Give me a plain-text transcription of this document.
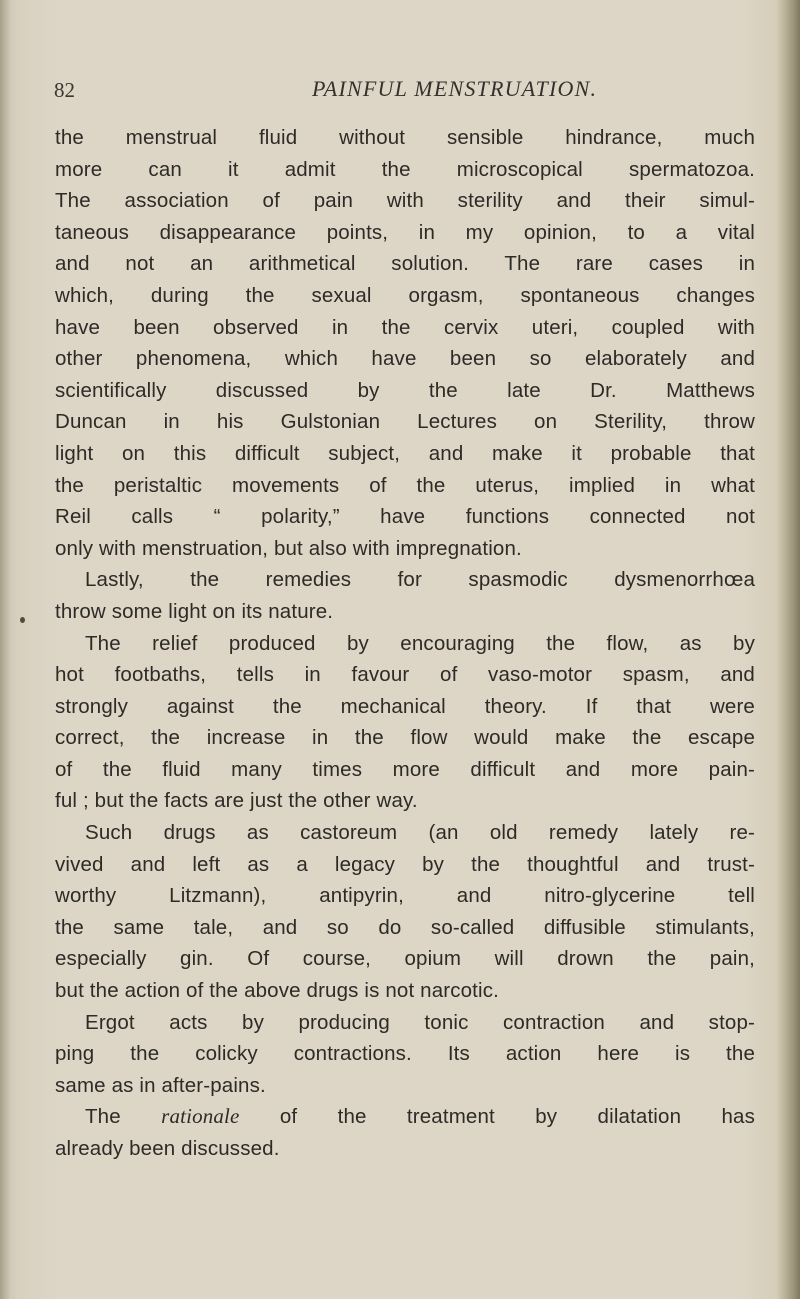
82	PAINFUL MENSTRUATION.
the menstrual fluid without sensible hindrance, much
more can it admit the microscopical spermatozoa.
The association of pain with sterility and their simul-
taneous disappearance points, in my opinion, to a vital
and not an arithmetical solution. The rare cases in
which, during the sexual orgasm, spontaneous changes
have been observed in the cervix uteri, coupled with
other phenomena, which have been so elaborately and
scientifically discussed by the late Dr. Matthews
Duncan in his Gulstonian Lectures on Sterility, throw
light on this difficult subject, and make it probable that
the peristaltic movements of the uterus, implied in what
Reil calls “ polarity,” have functions connected not
only with menstruation, but also with impregnation.
Lastly, the remedies for spasmodic dysmenorrhœa
throw some light on its nature.
The relief produced by encouraging the flow, as by
hot footbaths, tells in favour of vaso-motor spasm, and
strongly against the mechanical theory. If that were
correct, the increase in the flow would make the escape
of the fluid many times more difficult and more pain-
ful ; but the facts are just the other way.
Such drugs as castoreum (an old remedy lately re-
vived and left as a legacy by the thoughtful and trust-
worthy Litzmann), antipyrin, and nitro-glycerine tell
the same tale, and so do so-called diffusible stimulants,
especially gin. Of course, opium will drown the pain,
but the action of the above drugs is not narcotic.
Ergot acts by producing tonic contraction and stop-
ping the colicky contractions. Its action here is the
same as in after-pains.
The rationale of the treatment by dilatation has
already been discussed.
